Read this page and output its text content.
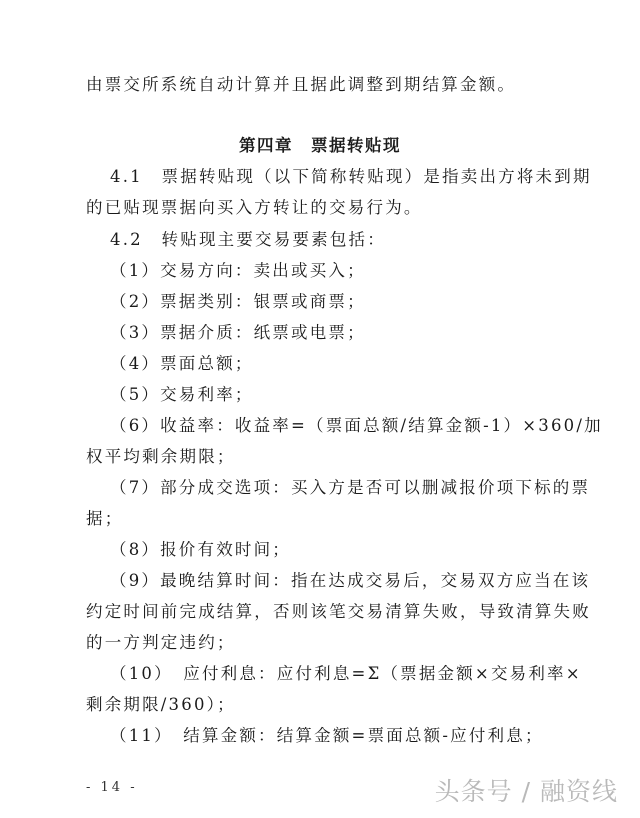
由票交所系统自动计算并且据此调整到期结算金额。
第四章　票据转贴现
4.1　票据转贴现（以下简称转贴现）是指卖出方将未到期
的已贴现票据向买入方转让的交易行为。
4.2　转贴现主要交易要素包括：
（1）交易方向：卖出或买入；
（2）票据类别：银票或商票；
（3）票据介质：纸票或电票；
（4）票面总额；
（5）交易利率；
（6）收益率：收益率=（票面总额/结算金额-1）×360/加
权平均剩余期限；
（7）部分成交选项：买入方是否可以删减报价项下标的票
据；
（8）报价有效时间；
（9）最晚结算时间：指在达成交易后，交易双方应当在该
约定时间前完成结算，否则该笔交易清算失败，导致清算失败
的一方判定违约；
（10）　应付利息：应付利息=Σ（票据金额×交易利率×
剩余期限/360）；
（11）　结算金额：结算金额=票面总额-应付利息；
- 14 -	头条号 / 融资线
